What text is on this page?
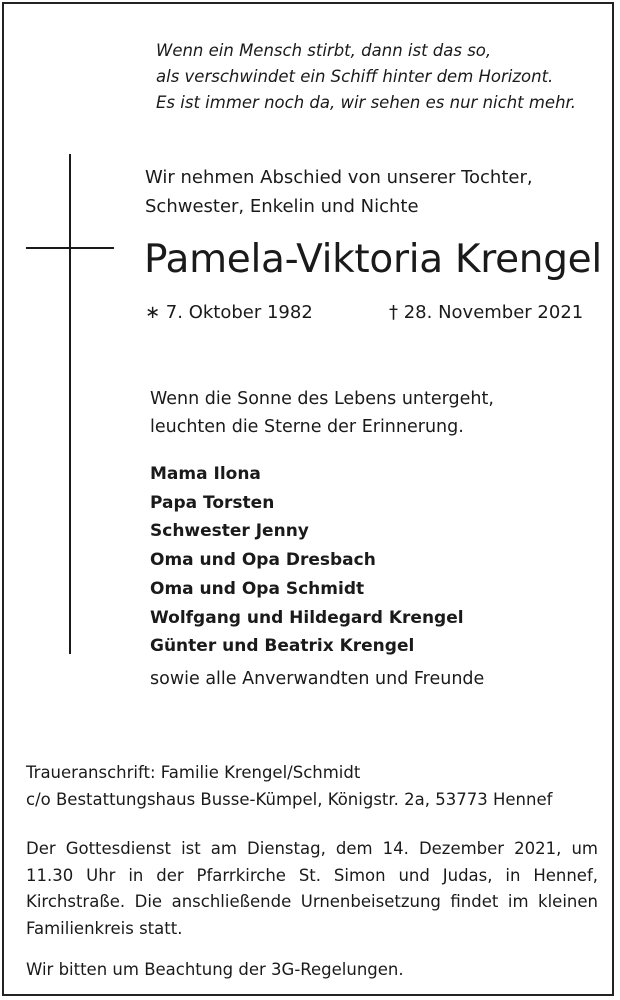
Wenn ein Mensch stirbt, dann ist das so,
als verschwindet ein Schiff hinter dem Horizont.
Es ist immer noch da, wir sehen es nur nicht mehr.
Wir nehmen Abschied von unserer Tochter,
Schwester, Enkelin und Nichte
Pamela-Viktoria Krengel
∗ 7. Oktober 1982	† 28. November 2021
Wenn die Sonne des Lebens untergeht,
leuchten die Sterne der Erinnerung.
Mama Ilona
Papa Torsten
Schwester Jenny
Oma und Opa Dresbach
Oma und Opa Schmidt
Wolfgang und Hildegard Krengel
Günter und Beatrix Krengel
sowie alle Anverwandten und Freunde
Traueranschrift: Familie Krengel/Schmidt
c/o Bestattungshaus Busse-Kümpel, Königstr. 2a, 53773 Hennef

Der Gottesdienst ist am Dienstag, dem 14. Dezember 2021, um 11.30 Uhr in der Pfarrkirche St. Simon und Judas, in Hennef, Kirchstraße. Die anschließende Urnenbeisetzung findet im kleinen Familienkreis statt.

Wir bitten um Beachtung der 3G-Regelungen.
